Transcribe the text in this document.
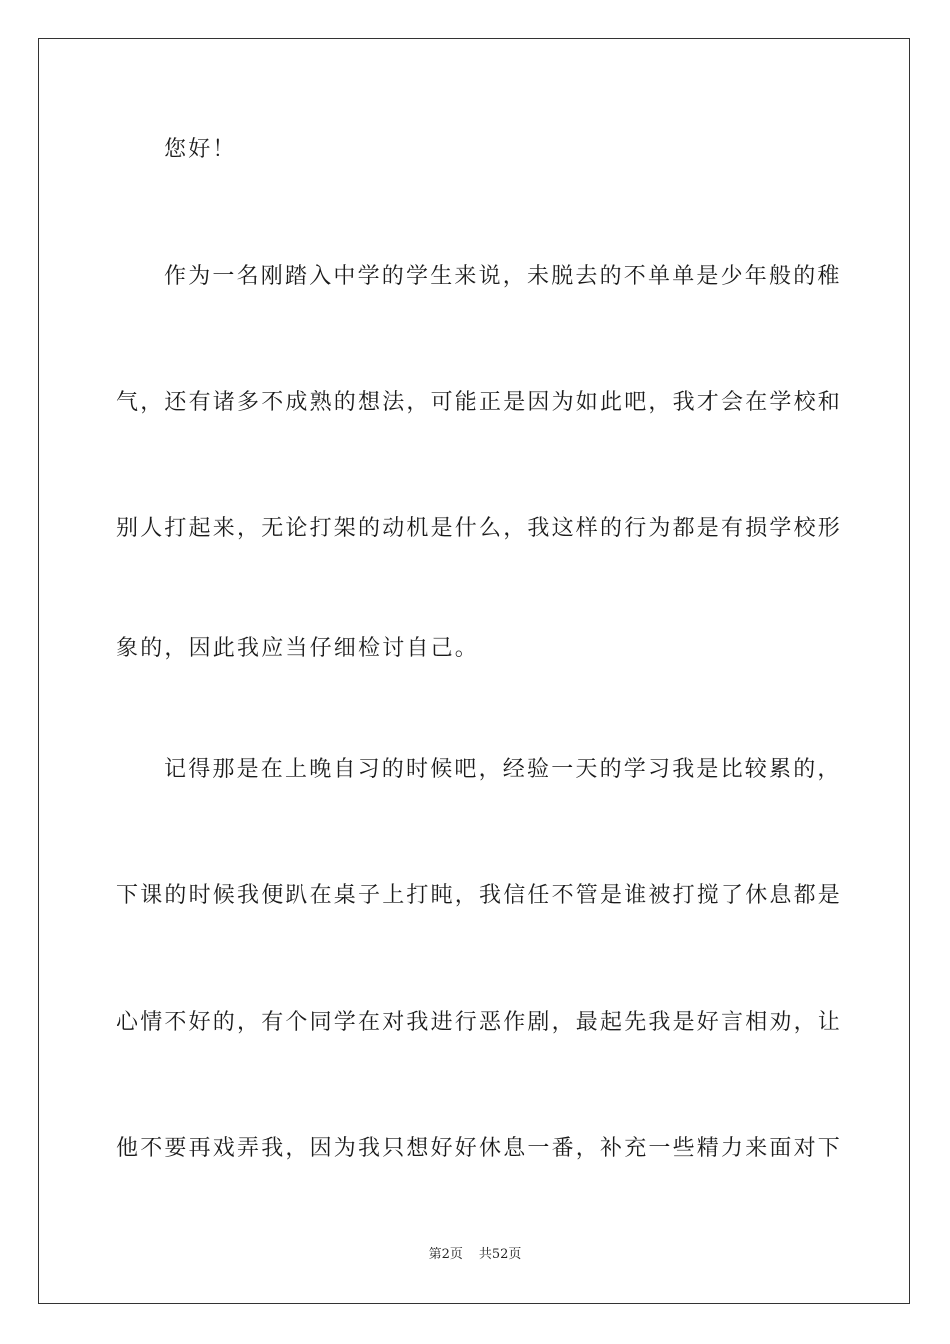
您好！
作为一名刚踏入中学的学生来说，未脱去的不单单是少年般的稚
气，还有诸多不成熟的想法，可能正是因为如此吧，我才会在学校和
别人打起来，无论打架的动机是什么，我这样的行为都是有损学校形
象的，因此我应当仔细检讨自己。
记得那是在上晚自习的时候吧，经验一天的学习我是比较累的，
下课的时候我便趴在桌子上打盹，我信任不管是谁被打搅了休息都是
心情不好的，有个同学在对我进行恶作剧，最起先我是好言相劝，让
他不要再戏弄我，因为我只想好好休息一番，补充一些精力来面对下
第2页 共52页
